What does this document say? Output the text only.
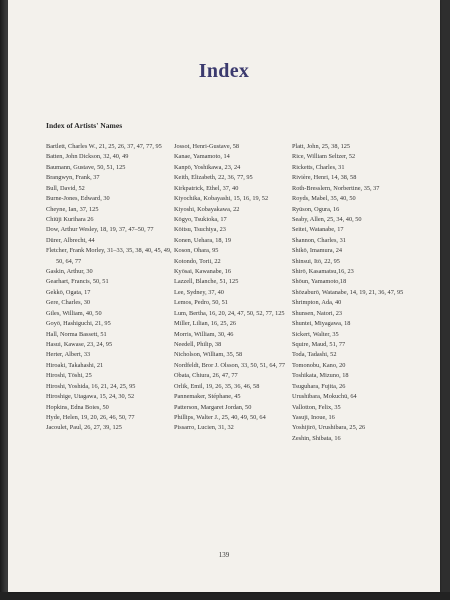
Index
Index of Artists' Names
Bartlett, Charles W., 21, 25, 26, 37, 47, 77, 95
Batten, John Dickson, 32, 40, 49
Baumann, Gustave, 50, 51, 125
Brangwyn, Frank, 37
Bull, David, 52
Burne-Jones, Edward, 30
Cheyne, Ian, 37, 125
Chiūji Kurihara 26
Dow, Arthur Wesley, 18, 19, 37, 47–50, 77
Dürer, Albrecht, 44
Fletcher, Frank Morley, 31–33, 35, 38, 40, 45, 49, 50, 64, 77
Gaskin, Arthur, 30
Gearhart, Francis, 50, 51
Gekkō, Ogata, 17
Gere, Charles, 30
Giles, William, 40, 50
Goyō, Hashiguchi, 21, 95
Hall, Norma Bassett, 51
Hasui, Kawase, 23, 24, 95
Herter, Albert, 33
Hiroaki, Takahashi, 21
Hiroshi, Tōshi, 25
Hiroshi, Yoshida, 16, 21, 24, 25, 95
Hiroshige, Utagawa, 15, 24, 30, 52
Hopkins, Edna Boies, 50
Hyde, Helen, 19, 20, 26, 46, 50, 77
Jacoulet, Paul, 26, 27, 39, 125
Jossot, Henri-Gustave, 58
Kanae, Yamamoto, 14
Kanpō, Yoshikawa, 23, 24
Keith, Elizabeth, 22, 36, 77, 95
Kirkpatrick, Ethel, 37, 40
Kiyochika, Kobayashi, 15, 16, 19, 52
Kiyoshi, Kobayakawa, 22
Kōgyo, Tsukioka, 17
Kōitsu, Tsuchiya, 23
Konen, Uehara, 18, 19
Koson, Ohara, 95
Kotondo, Torii, 22
Kyōsai, Kawanabe, 16
Lazzell, Blanche, 51, 125
Lee, Sydney, 37, 40
Lemos, Pedro, 50, 51
Lum, Bertha, 16, 20, 24, 47, 50, 52, 77, 125
Miller, Lilian, 16, 25, 26
Morris, William, 30, 46
Needell, Philip, 38
Nicholson, William, 35, 58
Nordfeldt, Bror J. Olsson, 33, 50, 51, 64, 77
Obata, Chiura, 26, 47, 77
Orlik, Emil, 19, 26, 35, 36, 46, 58
Pannemaker, Stéphane, 45
Patterson, Margaret Jordan, 50
Phillips, Walter J., 25, 40, 49, 50, 64
Pissarro, Lucien, 31, 32
Platt, John, 25, 38, 125
Rice, William Seltzer, 52
Ricketts, Charles, 31
Rivière, Henri, 14, 38, 58
Roth-Bresslern, Norbertine, 35, 37
Royds, Mabel, 35, 40, 50
Ryūson, Ogura, 16
Seaby, Allen, 25, 34, 40, 50
Seitei, Watanabe, 17
Shannon, Charles, 31
Shikō, Imamura, 24
Shinsui, Itō, 22, 95
Shirō, Kasamatsu,16, 23
Shōun, Yamamoto,18
Shōzaburō, Watanabe, 14, 19, 21, 36, 47, 95
Shrimpton, Ada, 40
Shunsen, Natori, 23
Shuntei, Miyagawa, 18
Sickert, Walter, 35
Squire, Maud, 51, 77
Toda, Tadashi, 52
Tomonobu, Kano, 20
Toshikata, Mizuno, 18
Tsuguhara, Fujita, 26
Urushibara, Mokuchū, 64
Vallotton, Felix, 35
Yasuji, Inoue, 16
Yoshijirō, Urushibara, 25, 26
Zeshin, Shibata, 16
139
